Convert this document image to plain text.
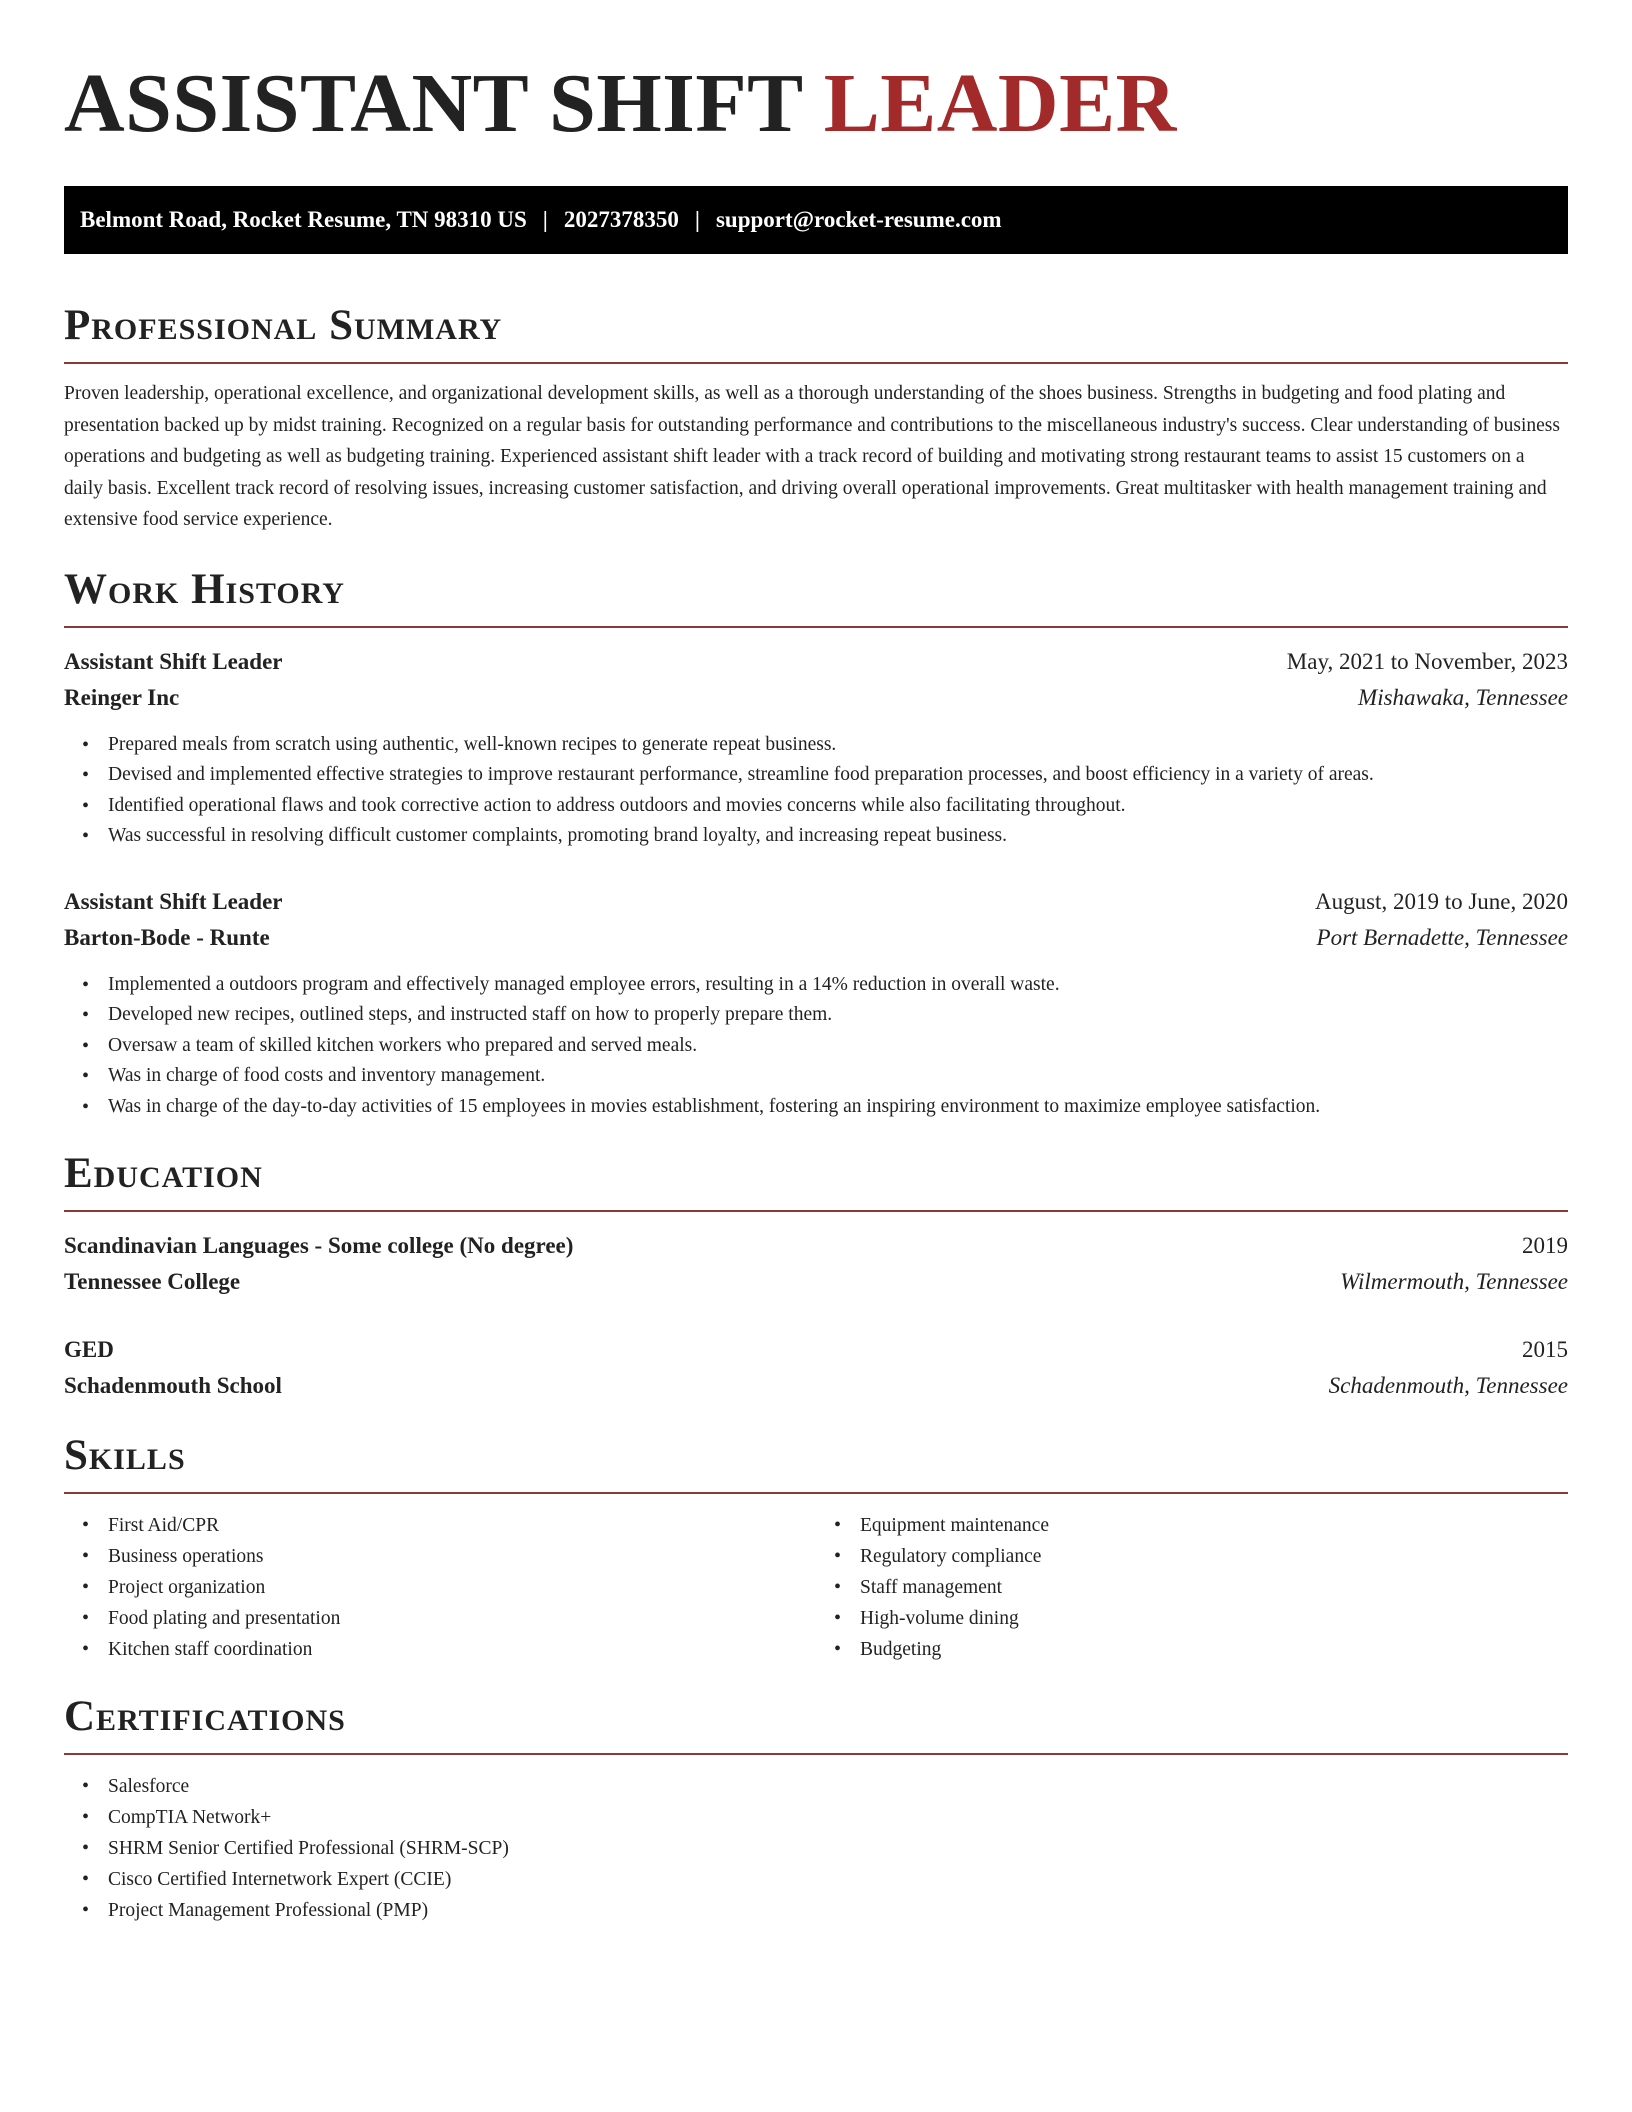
ASSISTANT SHIFT LEADER
Belmont Road, Rocket Resume, TN 98310 US | 2027378350 | support@rocket-resume.com
Professional Summary

Proven leadership, operational excellence, and organizational development skills, as well as a thorough understanding of the shoes business. Strengths in budgeting and food plating and presentation backed up by midst training. Recognized on a regular basis for outstanding performance and contributions to the miscellaneous industry's success. Clear understanding of business operations and budgeting as well as budgeting training. Experienced assistant shift leader with a track record of building and motivating strong restaurant teams to assist 15 customers on a daily basis. Excellent track record of resolving issues, increasing customer satisfaction, and driving overall operational improvements. Great multitasker with health management training and extensive food service experience.

Work History
Assistant Shift Leader	May, 2021 to November, 2023
Reinger Inc	Mishawaka, Tennessee
• Prepared meals from scratch using authentic, well-known recipes to generate repeat business.
• Devised and implemented effective strategies to improve restaurant performance, streamline food preparation processes, and boost efficiency in a variety of areas.
• Identified operational flaws and took corrective action to address outdoors and movies concerns while also facilitating throughout.
• Was successful in resolving difficult customer complaints, promoting brand loyalty, and increasing repeat business.
Assistant Shift Leader	August, 2019 to June, 2020
Barton-Bode - Runte	Port Bernadette, Tennessee
• Implemented a outdoors program and effectively managed employee errors, resulting in a 14% reduction in overall waste.
• Developed new recipes, outlined steps, and instructed staff on how to properly prepare them.
• Oversaw a team of skilled kitchen workers who prepared and served meals.
• Was in charge of food costs and inventory management.
• Was in charge of the day-to-day activities of 15 employees in movies establishment, fostering an inspiring environment to maximize employee satisfaction.
Education
Scandinavian Languages - Some college (No degree)	2019
Tennessee College	Wilmermouth, Tennessee
GED	2015
Schadenmouth School	Schadenmouth, Tennessee
Skills
• First Aid/CPR
• Business operations
• Project organization
• Food plating and presentation
• Kitchen staff coordination
• Equipment maintenance
• Regulatory compliance
• Staff management
• High-volume dining
• Budgeting
Certifications
• Salesforce
• CompTIA Network+
• SHRM Senior Certified Professional (SHRM-SCP)
• Cisco Certified Internetwork Expert (CCIE)
• Project Management Professional (PMP)
